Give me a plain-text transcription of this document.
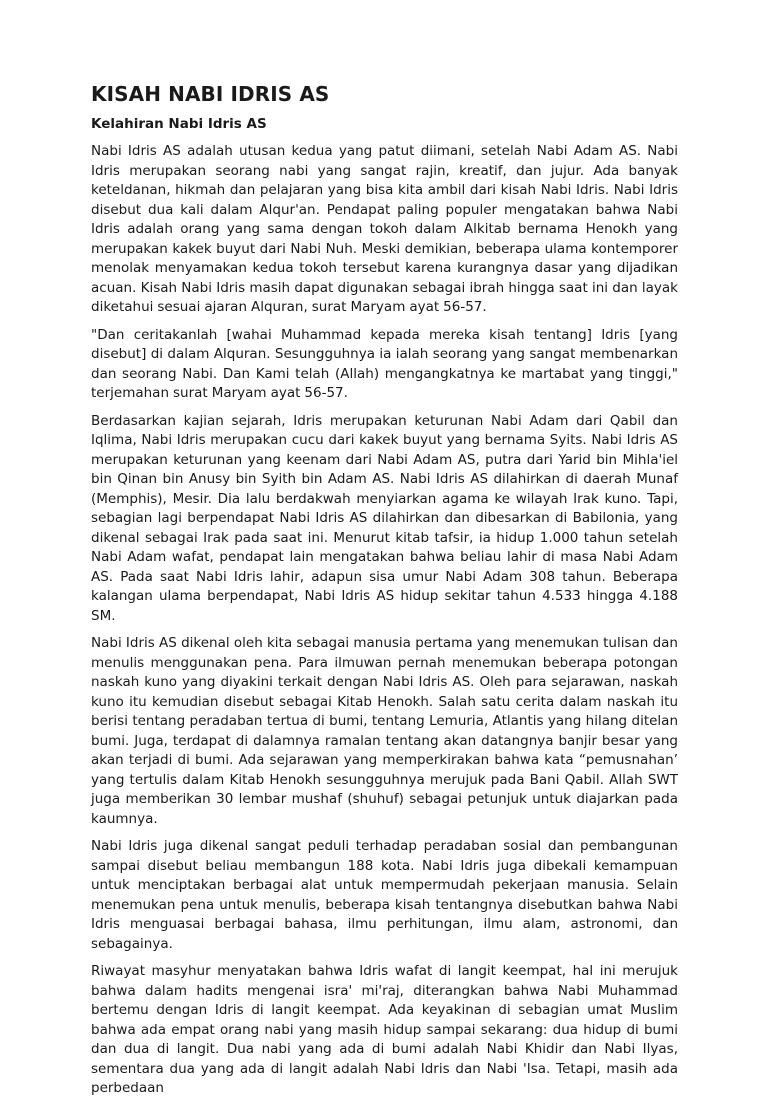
KISAH NABI IDRIS AS
Kelahiran Nabi Idris AS

Nabi Idris AS adalah utusan kedua yang patut diimani, setelah Nabi Adam AS. Nabi Idris merupakan seorang nabi yang sangat rajin, kreatif, dan jujur. Ada banyak keteldanan, hikmah dan pelajaran yang bisa kita ambil dari kisah Nabi Idris. Nabi Idris disebut dua kali dalam Alqur'an. Pendapat paling populer mengatakan bahwa Nabi Idris adalah orang yang sama dengan tokoh dalam Alkitab bernama Henokh yang merupakan kakek buyut dari Nabi Nuh. Meski demikian, beberapa ulama kontemporer menolak menyamakan kedua tokoh tersebut karena kurangnya dasar yang dijadikan acuan. Kisah Nabi Idris masih dapat digunakan sebagai ibrah hingga saat ini dan layak diketahui sesuai ajaran Alquran, surat Maryam ayat 56-57.

"Dan ceritakanlah [wahai Muhammad kepada mereka kisah tentang] Idris [yang disebut] di dalam Alquran. Sesungguhnya ia ialah seorang yang sangat membenarkan dan seorang Nabi. Dan Kami telah (Allah) mengangkatnya ke martabat yang tinggi," terjemahan surat Maryam ayat 56-57.

Berdasarkan kajian sejarah, Idris merupakan keturunan Nabi Adam dari Qabil dan Iqlima, Nabi Idris merupakan cucu dari kakek buyut yang bernama Syits. Nabi Idris AS merupakan keturunan yang keenam dari Nabi Adam AS, putra dari Yarid bin Mihla'iel bin Qinan bin Anusy bin Syith bin Adam AS. Nabi Idris AS dilahirkan di daerah Munaf (Memphis), Mesir. Dia lalu berdakwah menyiarkan agama ke wilayah Irak kuno. Tapi, sebagian lagi berpendapat Nabi Idris AS dilahirkan dan dibesarkan di Babilonia, yang dikenal sebagai Irak pada saat ini. Menurut kitab tafsir, ia hidup 1.000 tahun setelah Nabi Adam wafat, pendapat lain mengatakan bahwa beliau lahir di masa Nabi Adam AS. Pada saat Nabi Idris lahir, adapun sisa umur Nabi Adam 308 tahun. Beberapa kalangan ulama berpendapat, Nabi Idris AS hidup sekitar tahun 4.533 hingga 4.188 SM.

Nabi Idris AS dikenal oleh kita sebagai manusia pertama yang menemukan tulisan dan menulis menggunakan pena. Para ilmuwan pernah menemukan beberapa potongan naskah kuno yang diyakini terkait dengan Nabi Idris AS. Oleh para sejarawan, naskah kuno itu kemudian disebut sebagai Kitab Henokh. Salah satu cerita dalam naskah itu berisi tentang peradaban tertua di bumi, tentang Lemuria, Atlantis yang hilang ditelan bumi. Juga, terdapat di dalamnya ramalan tentang akan datangnya banjir besar yang akan terjadi di bumi. Ada sejarawan yang memperkirakan bahwa kata “pemusnahan’ yang tertulis dalam Kitab Henokh sesungguhnya merujuk pada Bani Qabil. Allah SWT juga memberikan 30 lembar mushaf (shuhuf) sebagai petunjuk untuk diajarkan pada kaumnya.

Nabi Idris juga dikenal sangat peduli terhadap peradaban sosial dan pembangunan sampai disebut beliau membangun 188 kota. Nabi Idris juga dibekali kemampuan untuk menciptakan berbagai alat untuk mempermudah pekerjaan manusia. Selain menemukan pena untuk menulis, beberapa kisah tentangnya disebutkan bahwa Nabi Idris menguasai berbagai bahasa, ilmu perhitungan, ilmu alam, astronomi, dan sebagainya.

Riwayat masyhur menyatakan bahwa Idris wafat di langit keempat, hal ini merujuk bahwa dalam hadits mengenai isra' mi'raj, diterangkan bahwa Nabi Muhammad bertemu dengan Idris di langit keempat. Ada keyakinan di sebagian umat Muslim bahwa ada empat orang nabi yang masih hidup sampai sekarang: dua hidup di bumi dan dua di langit. Dua nabi yang ada di bumi adalah Nabi Khidir dan Nabi Ilyas, sementara dua yang ada di langit adalah Nabi Idris dan Nabi 'Isa. Tetapi, masih ada perbedaan
